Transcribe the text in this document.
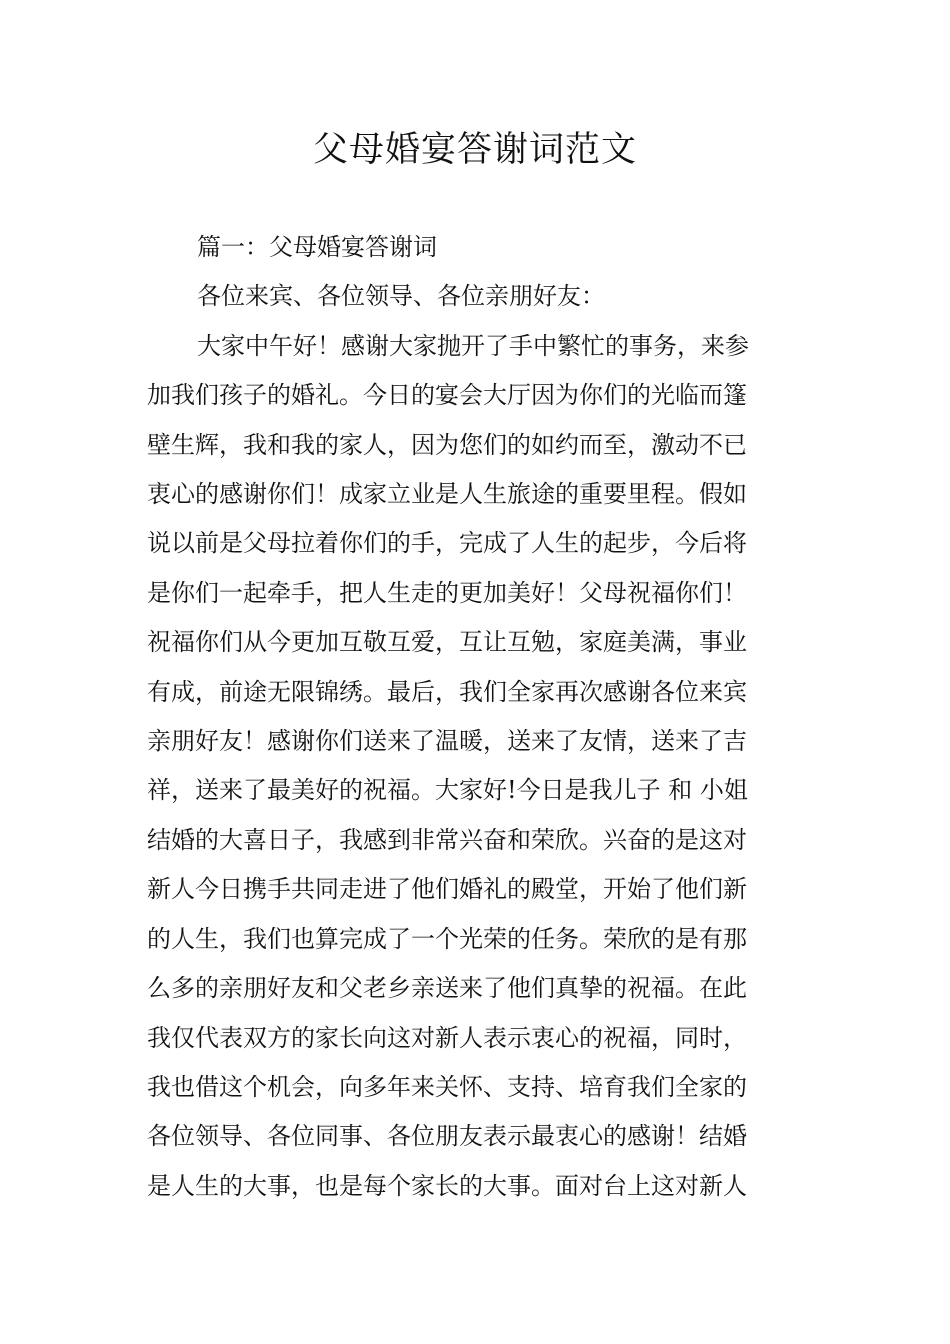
父母婚宴答谢词范文
篇一：父母婚宴答谢词
各位来宾、各位领导、各位亲朋好友：
大家中午好！感谢大家抛开了手中繁忙的事务，来参
加我们孩子的婚礼。今日的宴会大厅因为你们的光临而篷
壁生辉，我和我的家人，因为您们的如约而至，激动不已
衷心的感谢你们！成家立业是人生旅途的重要里程。假如
说以前是父母拉着你们的手，完成了人生的起步，今后将
是你们一起牵手，把人生走的更加美好！父母祝福你们！
祝福你们从今更加互敬互爱，互让互勉，家庭美满，事业
有成，前途无限锦绣。最后，我们全家再次感谢各位来宾
亲朋好友！感谢你们送来了温暖，送来了友情，送来了吉
祥，送来了最美好的祝福。大家好!今日是我儿子 和 小姐
结婚的大喜日子，我感到非常兴奋和荣欣。兴奋的是这对
新人今日携手共同走进了他们婚礼的殿堂，开始了他们新
的人生，我们也算完成了一个光荣的任务。荣欣的是有那
么多的亲朋好友和父老乡亲送来了他们真挚的祝福。在此
我仅代表双方的家长向这对新人表示衷心的祝福，同时，
我也借这个机会，向多年来关怀、支持、培育我们全家的
各位领导、各位同事、各位朋友表示最衷心的感谢！结婚
是人生的大事，也是每个家长的大事。面对台上这对新人
